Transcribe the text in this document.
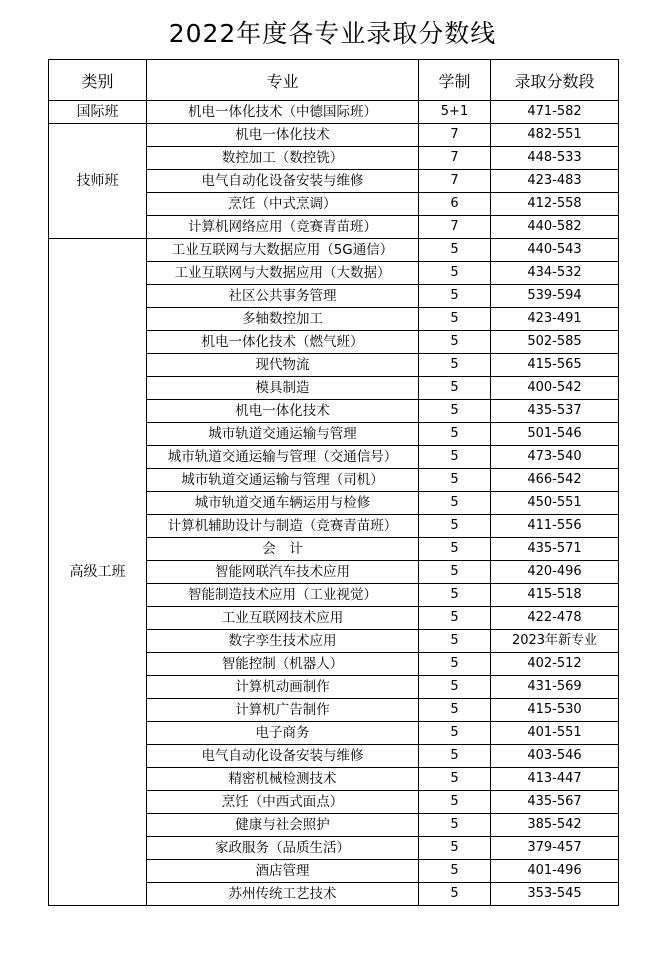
2022年度各专业录取分数线
类别	专业	学制	录取分数段
国际班	机电一体化技术（中德国际班）	5+1	471-582
技师班	机电一体化技术	7	482-551
	数控加工（数控铣）	7	448-533
	电气自动化设备安装与维修	7	423-483
	烹饪（中式烹调）	6	412-558
	计算机网络应用（竞赛青苗班）	7	440-582
高级工班	工业互联网与大数据应用（5G通信）	5	440-543
	工业互联网与大数据应用（大数据）	5	434-532
	社区公共事务管理	5	539-594
	多轴数控加工	5	423-491
	机电一体化技术（燃气班）	5	502-585
	现代物流	5	415-565
	模具制造	5	400-542
	机电一体化技术	5	435-537
	城市轨道交通运输与管理	5	501-546
	城市轨道交通运输与管理（交通信号）	5	473-540
	城市轨道交通运输与管理（司机）	5	466-542
	城市轨道交通车辆运用与检修	5	450-551
	计算机辅助设计与制造（竞赛青苗班）	5	411-556
	会　计	5	435-571
	智能网联汽车技术应用	5	420-496
	智能制造技术应用（工业视觉）	5	415-518
	工业互联网技术应用	5	422-478
	数字孪生技术应用	5	2023年新专业
	智能控制（机器人）	5	402-512
	计算机动画制作	5	431-569
	计算机广告制作	5	415-530
	电子商务	5	401-551
	电气自动化设备安装与维修	5	403-546
	精密机械检测技术	5	413-447
	烹饪（中西式面点）	5	435-567
	健康与社会照护	5	385-542
	家政服务（品质生活）	5	379-457
	酒店管理	5	401-496
	苏州传统工艺技术	5	353-545
